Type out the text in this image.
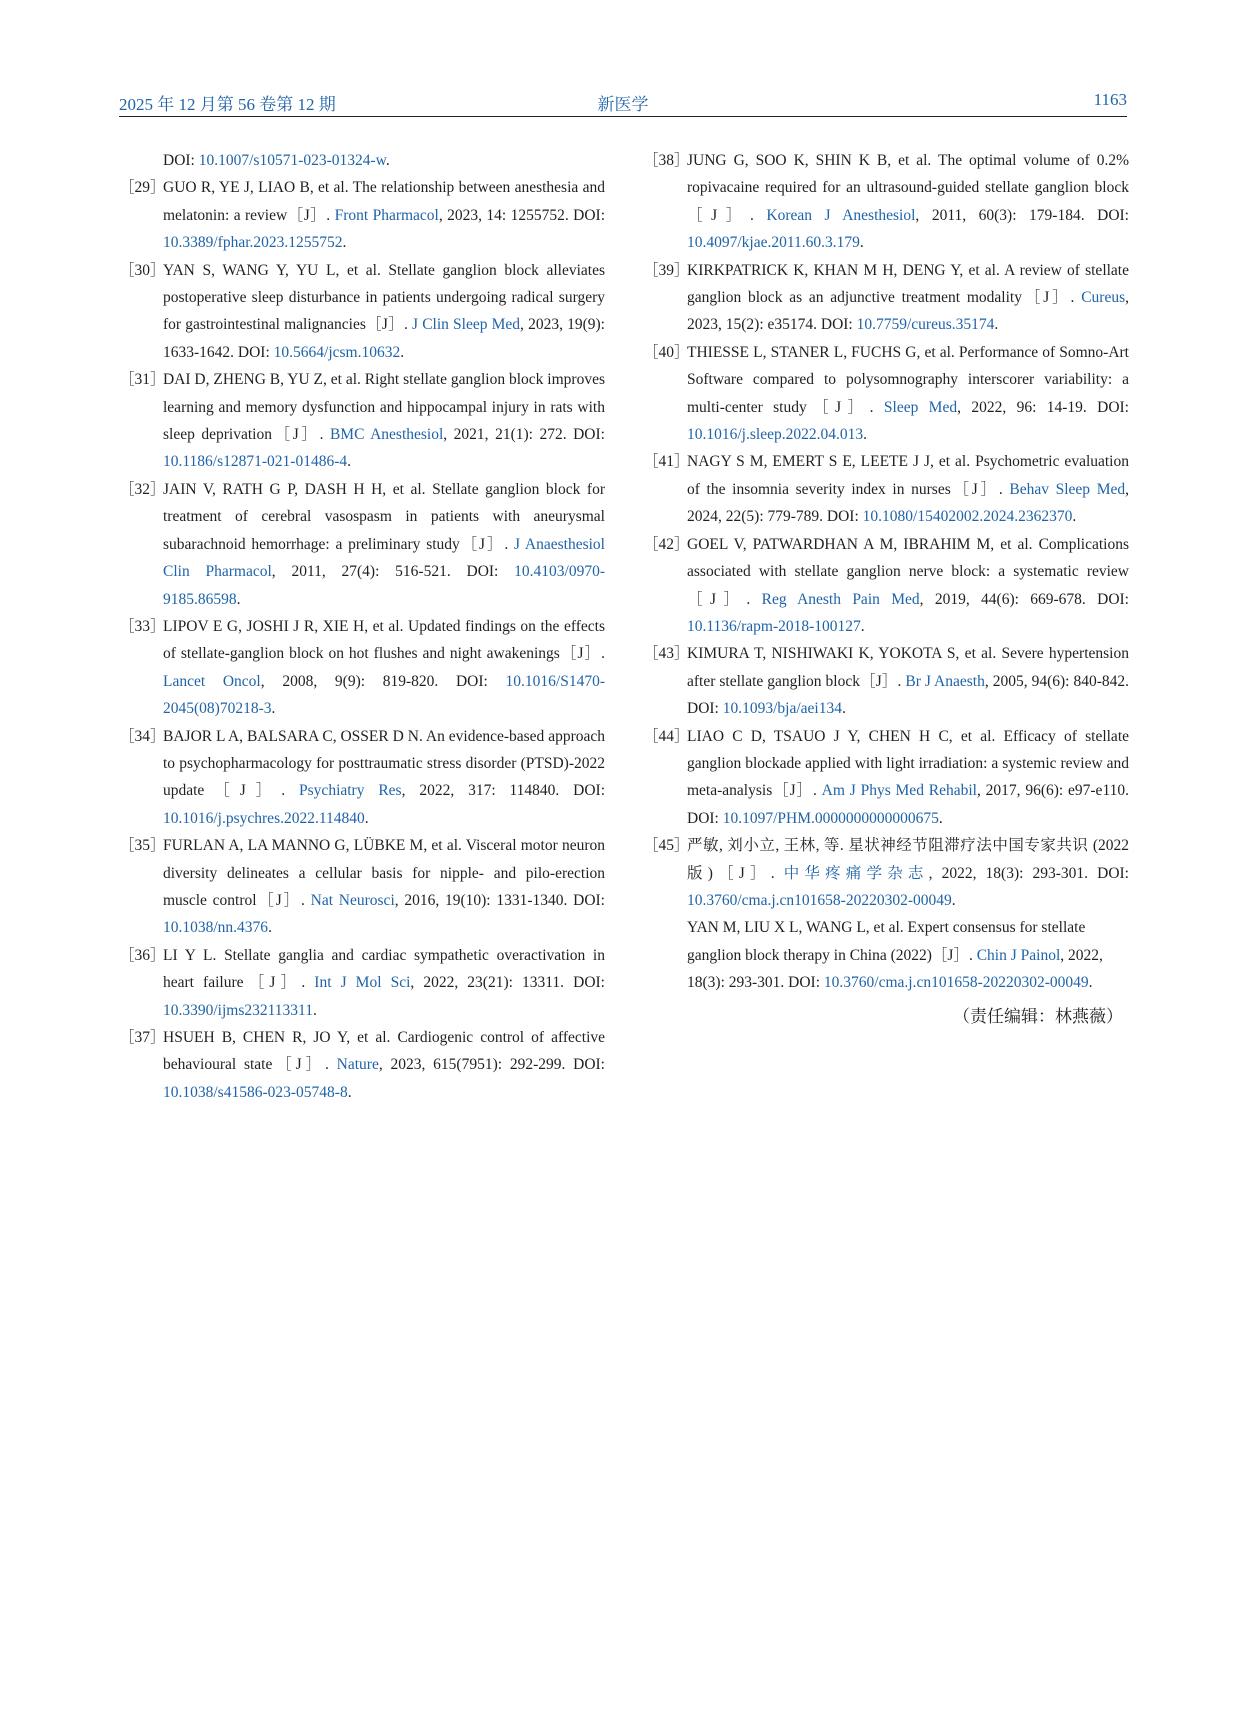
2025 年 12 月第 56 卷第 12 期	新医学	1163

DOI: 10.1007/s10571-023-01324-w.

［29］
GUO R, YE J, LIAO B, et al. The relationship between anesthesia and melatonin: a review［J］. Front Pharmacol, 2023, 14: 1255752. DOI: 10.3389/fphar.2023.1255752.

［30］
YAN S, WANG Y, YU L, et al. Stellate ganglion block alleviates postoperative sleep disturbance in patients undergoing radical surgery for gastrointestinal malignancies［J］. J Clin Sleep Med, 2023, 19(9): 1633-1642. DOI: 10.5664/jcsm.10632.

［31］
DAI D, ZHENG B, YU Z, et al. Right stellate ganglion block improves learning and memory dysfunction and hippocampal injury in rats with sleep deprivation［J］. BMC Anesthesiol, 2021, 21(1): 272. DOI: 10.1186/s12871-021-01486-4.

［32］
JAIN V, RATH G P, DASH H H, et al. Stellate ganglion block for treatment of cerebral vasospasm in patients with aneurysmal subarachnoid hemorrhage: a preliminary study［J］. J Anaesthesiol Clin Pharmacol, 2011, 27(4): 516-521. DOI: 10.4103/0970-9185.86598.

［33］
LIPOV E G, JOSHI J R, XIE H, et al. Updated findings on the effects of stellate-ganglion block on hot flushes and night awakenings［J］. Lancet Oncol, 2008, 9(9): 819-820. DOI: 10.1016/S1470-2045(08)70218-3.

［34］
BAJOR L A, BALSARA C, OSSER D N. An evidence-based approach to psychopharmacology for posttraumatic stress disorder (PTSD)-2022 update［J］. Psychiatry Res, 2022, 317: 114840. DOI: 10.1016/j.psychres.2022.114840.

［35］
FURLAN A, LA MANNO G, LÜBKE M, et al. Visceral motor neuron diversity delineates a cellular basis for nipple- and pilo-erection muscle control［J］. Nat Neurosci, 2016, 19(10): 1331-1340. DOI: 10.1038/nn.4376.

［36］
LI Y L. Stellate ganglia and cardiac sympathetic overactivation in heart failure［J］. Int J Mol Sci, 2022, 23(21): 13311. DOI: 10.3390/ijms232113311.

［37］
HSUEH B, CHEN R, JO Y, et al. Cardiogenic control of affective behavioural state［J］. Nature, 2023, 615(7951): 292-299. DOI: 10.1038/s41586-023-05748-8.

［38］
JUNG G, SOO K, SHIN K B, et al. The optimal volume of 0.2% ropivacaine required for an ultrasound-guided stellate ganglion block［J］. Korean J Anesthesiol, 2011, 60(3): 179-184. DOI: 10.4097/kjae.2011.60.3.179.

［39］
KIRKPATRICK K, KHAN M H, DENG Y, et al. A review of stellate ganglion block as an adjunctive treatment modality［J］. Cureus, 2023, 15(2): e35174. DOI: 10.7759/cureus.35174.

［40］
THIESSE L, STANER L, FUCHS G, et al. Performance of Somno-Art Software compared to polysomnography interscorer variability: a multi-center study［J］. Sleep Med, 2022, 96: 14-19. DOI: 10.1016/j.sleep.2022.04.013.

［41］
NAGY S M, EMERT S E, LEETE J J, et al. Psychometric evaluation of the insomnia severity index in nurses［J］. Behav Sleep Med, 2024, 22(5): 779-789. DOI: 10.1080/15402002.2024.2362370.

［42］
GOEL V, PATWARDHAN A M, IBRAHIM M, et al. Complications associated with stellate ganglion nerve block: a systematic review［J］. Reg Anesth Pain Med, 2019, 44(6): 669-678. DOI: 10.1136/rapm-2018-100127.

［43］
KIMURA T, NISHIWAKI K, YOKOTA S, et al. Severe hypertension after stellate ganglion block［J］. Br J Anaesth, 2005, 94(6): 840-842. DOI: 10.1093/bja/aei134.

［44］
LIAO C D, TSAUO J Y, CHEN H C, et al. Efficacy of stellate ganglion blockade applied with light irradiation: a systemic review and meta-analysis［J］. Am J Phys Med Rehabil, 2017, 96(6): e97-e110. DOI: 10.1097/PHM.0000000000000675.

［45］
严敏, 刘小立, 王林, 等. 星状神经节阻滞疗法中国专家共识 (2022 版)［J］. 中华疼痛学杂志, 2022, 18(3): 293-301. DOI: 10.3760/cma.j.cn101658-20220302-00049.

YAN M, LIU X L, WANG L, et al. Expert consensus for stellate ganglion block therapy in China (2022)［J］. Chin J Painol, 2022, 18(3): 293-301. DOI: 10.3760/cma.j.cn101658-20220302-00049.

（责任编辑：林燕薇）
